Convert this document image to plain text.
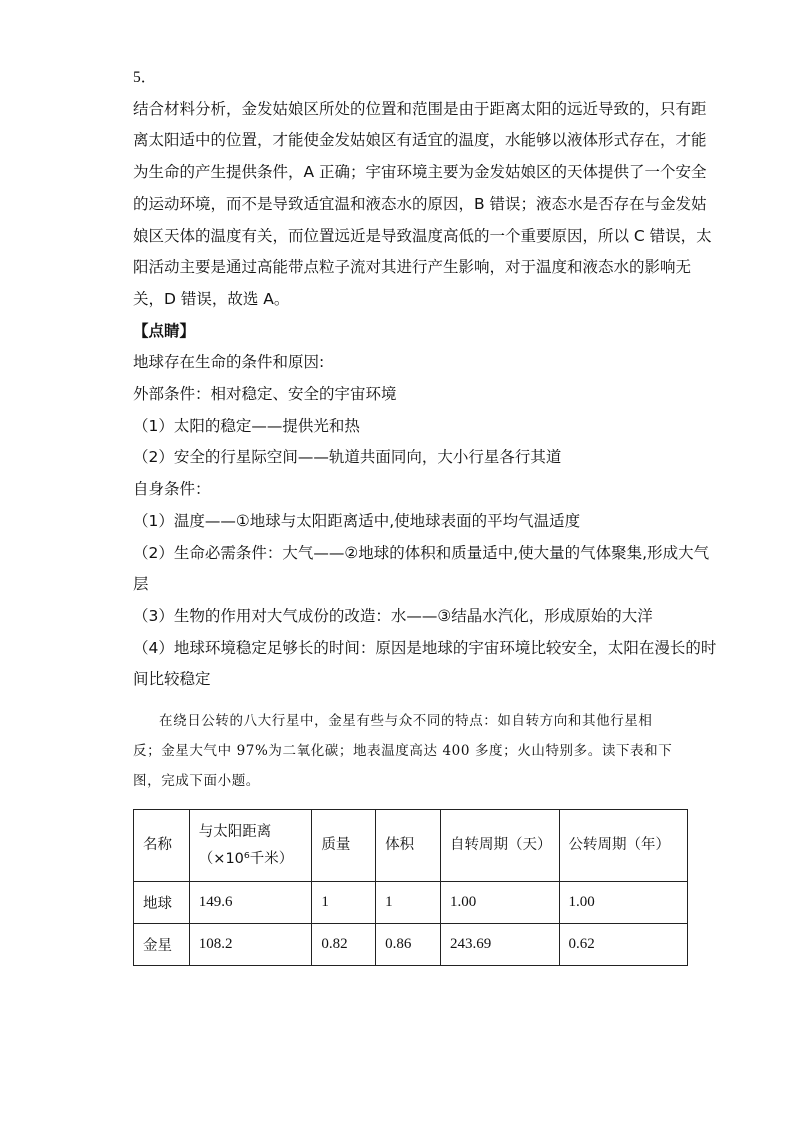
5．

结合材料分析，金发姑娘区所处的位置和范围是由于距离太阳的远近导致的，只有距

离太阳适中的位置，才能使金发姑娘区有适宜的温度，水能够以液体形式存在，才能

为生命的产生提供条件，A 正确；宇宙环境主要为金发姑娘区的天体提供了一个安全

的运动环境，而不是导致适宜温和液态水的原因，B 错误；液态水是否存在与金发姑

娘区天体的温度有关，而位置远近是导致温度高低的一个重要原因，所以 C 错误，太

阳活动主要是通过高能带点粒子流对其进行产生影响，对于温度和液态水的影响无

关，D 错误，故选 A。

【点睛】

地球存在生命的条件和原因:

外部条件：相对稳定、安全的宇宙环境

（1）太阳的稳定——提供光和热

（2）安全的行星际空间——轨道共面同向，大小行星各行其道

自身条件：

（1）温度——①地球与太阳距离适中,使地球表面的平均气温适度

（2）生命必需条件：大气——②地球的体积和质量适中,使大量的气体聚集,形成大气

层

（3）生物的作用对大气成份的改造：水——③结晶水汽化，形成原始的大洋

（4）地球环境稳定足够长的时间：原因是地球的宇宙环境比较安全，太阳在漫长的时

间比较稳定

在绕日公转的八大行星中，金星有些与众不同的特点：如自转方向和其他行星相
反；金星大气中 97%为二氧化碳；地表温度高达 400 多度；火山特别多。读下表和下
图，完成下面小题。
名称	与太阳距离
（×10⁶千米）	质量	体积	自转周期（天）	公转周期（年）
地球	149.6	1	1	1.00	1.00
金星	108.2	0.82	0.86	243.69	0.62
